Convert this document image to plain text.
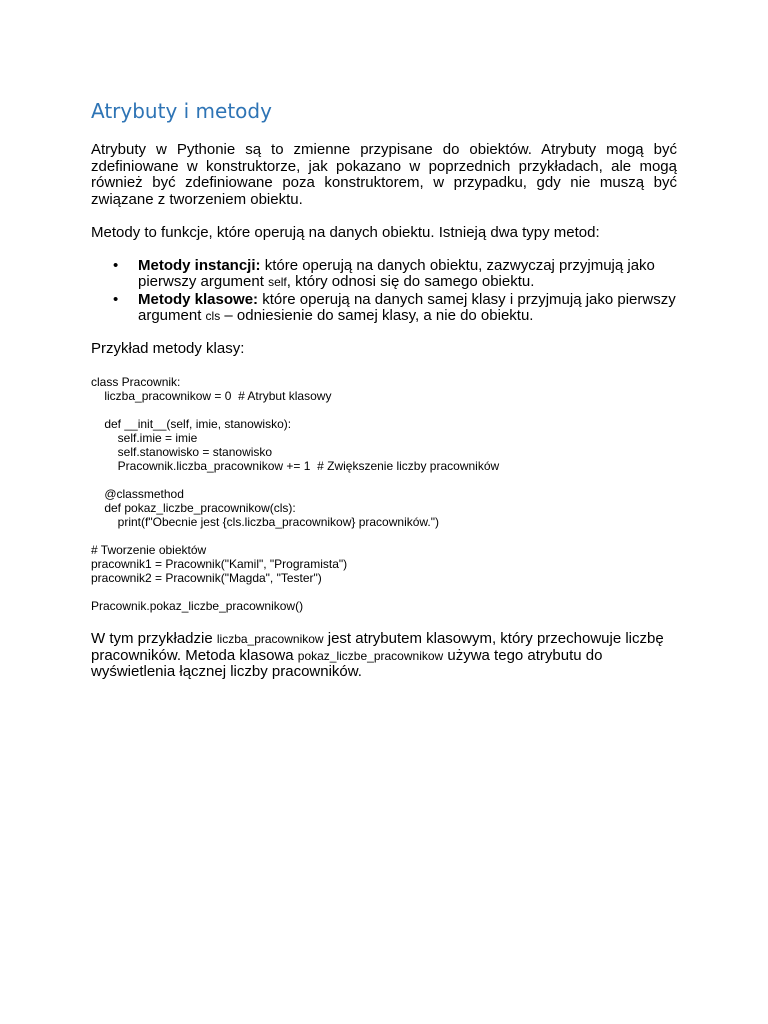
Atrybuty i metody

Atrybuty w Pythonie są to zmienne przypisane do obiektów. Atrybuty mogą być zdefiniowane w konstruktorze, jak pokazano w poprzednich przykładach, ale mogą również być zdefiniowane poza konstruktorem, w przypadku, gdy nie muszą być związane z tworzeniem obiektu.

Metody to funkcje, które operują na danych obiektu. Istnieją dwa typy metod:

• Metody instancji: które operują na danych obiektu, zazwyczaj przyjmują jako pierwszy argument self, który odnosi się do samego obiektu.
• Metody klasowe: które operują na danych samej klasy i przyjmują jako pierwszy argument cls – odniesienie do samej klasy, a nie do obiektu.

Przykład metody klasy:

class Pracownik:
liczba_pracownikow = 0  # Atrybut klasowy
def __init__(self, imie, stanowisko):
self.imie = imie
self.stanowisko = stanowisko
Pracownik.liczba_pracownikow += 1  # Zwiększenie liczby pracowników
@classmethod
def pokaz_liczbe_pracownikow(cls):
print(f"Obecnie jest {cls.liczba_pracownikow} pracowników.")
# Tworzenie obiektów
pracownik1 = Pracownik("Kamil", "Programista")
pracownik2 = Pracownik("Magda", "Tester")
Pracownik.pokaz_liczbe_pracownikow()

W tym przykładzie liczba_pracownikow jest atrybutem klasowym, który przechowuje liczbę pracowników. Metoda klasowa pokaz_liczbe_pracownikow używa tego atrybutu do wyświetlenia łącznej liczby pracowników.
